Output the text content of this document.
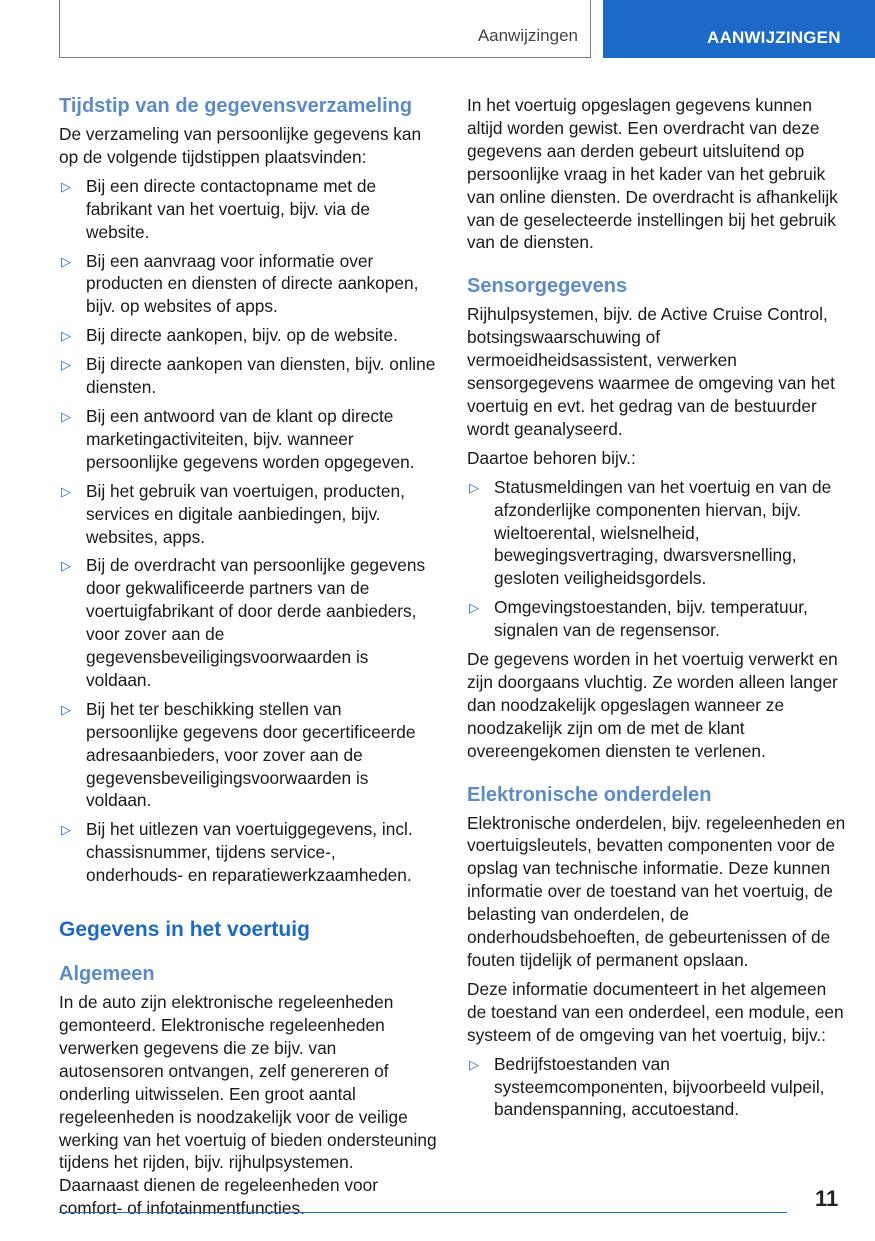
Aanwijzingen	AANWIJZINGEN
Tijdstip van de gegevensverzameling

De verzameling van persoonlijke gegevens kan op de volgende tijdstippen plaatsvinden:

▷ Bij een directe contactopname met de fabrikant van het voertuig, bijv. via de website.
▷ Bij een aanvraag voor informatie over producten en diensten of directe aankopen, bijv. op websites of apps.
▷ Bij directe aankopen, bijv. op de website.
▷ Bij directe aankopen van diensten, bijv. online diensten.
▷ Bij een antwoord van de klant op directe marketingactiviteiten, bijv. wanneer persoonlijke gegevens worden opgegeven.
▷ Bij het gebruik van voertuigen, producten, services en digitale aanbiedingen, bijv. websites, apps.
▷ Bij de overdracht van persoonlijke gegevens door gekwalificeerde partners van de voertuigfabrikant of door derde aanbieders, voor zover aan de gegevensbeveiligingsvoorwaarden is voldaan.
▷ Bij het ter beschikking stellen van persoonlijke gegevens door gecertificeerde adresaanbieders, voor zover aan de gegevensbeveiligingsvoorwaarden is voldaan.
▷ Bij het uitlezen van voertuiggegevens, incl. chassisnummer, tijdens service-, onderhouds- en reparatiewerkzaamheden.
Gegevens in het voertuig
Algemeen

In de auto zijn elektronische regeleenheden gemonteerd. Elektronische regeleenheden verwerken gegevens die ze bijv. van autosensoren ontvangen, zelf genereren of onderling uitwisselen. Een groot aantal regeleenheden is noodzakelijk voor de veilige werking van het voertuig of bieden ondersteuning tijdens het rijden, bijv. rijhulpsystemen. Daarnaast dienen de regeleenheden voor comfort- of infotainmentfuncties.

In het voertuig opgeslagen gegevens kunnen altijd worden gewist. Een overdracht van deze gegevens aan derden gebeurt uitsluitend op persoonlijke vraag in het kader van het gebruik van online diensten. De overdracht is afhankelijk van de geselecteerde instellingen bij het gebruik van de diensten.

Sensorgegevens

Rijhulpsystemen, bijv. de Active Cruise Control, botsingswaarschuwing of vermoeidheidsassistent, verwerken sensorgegevens waarmee de omgeving van het voertuig en evt. het gedrag van de bestuurder wordt geanalyseerd.

Daartoe behoren bijv.:

▷ Statusmeldingen van het voertuig en van de afzonderlijke componenten hiervan, bijv. wieltoerental, wielsnelheid, bewegingsvertraging, dwarsversnelling, gesloten veiligheidsgordels.
▷ Omgevingstoestanden, bijv. temperatuur, signalen van de regensensor.

De gegevens worden in het voertuig verwerkt en zijn doorgaans vluchtig. Ze worden alleen langer dan noodzakelijk opgeslagen wanneer ze noodzakelijk zijn om de met de klant overeengekomen diensten te verlenen.

Elektronische onderdelen

Elektronische onderdelen, bijv. regeleenheden en voertuigsleutels, bevatten componenten voor de opslag van technische informatie. Deze kunnen informatie over de toestand van het voertuig, de belasting van onderdelen, de onderhoudsbehoeften, de gebeurtenissen of de fouten tijdelijk of permanent opslaan.

Deze informatie documenteert in het algemeen de toestand van een onderdeel, een module, een systeem of de omgeving van het voertuig, bijv.:

▷ Bedrijfstoestanden van systeemcomponenten, bijvoorbeeld vulpeil, bandenspanning, accutoestand.
11
